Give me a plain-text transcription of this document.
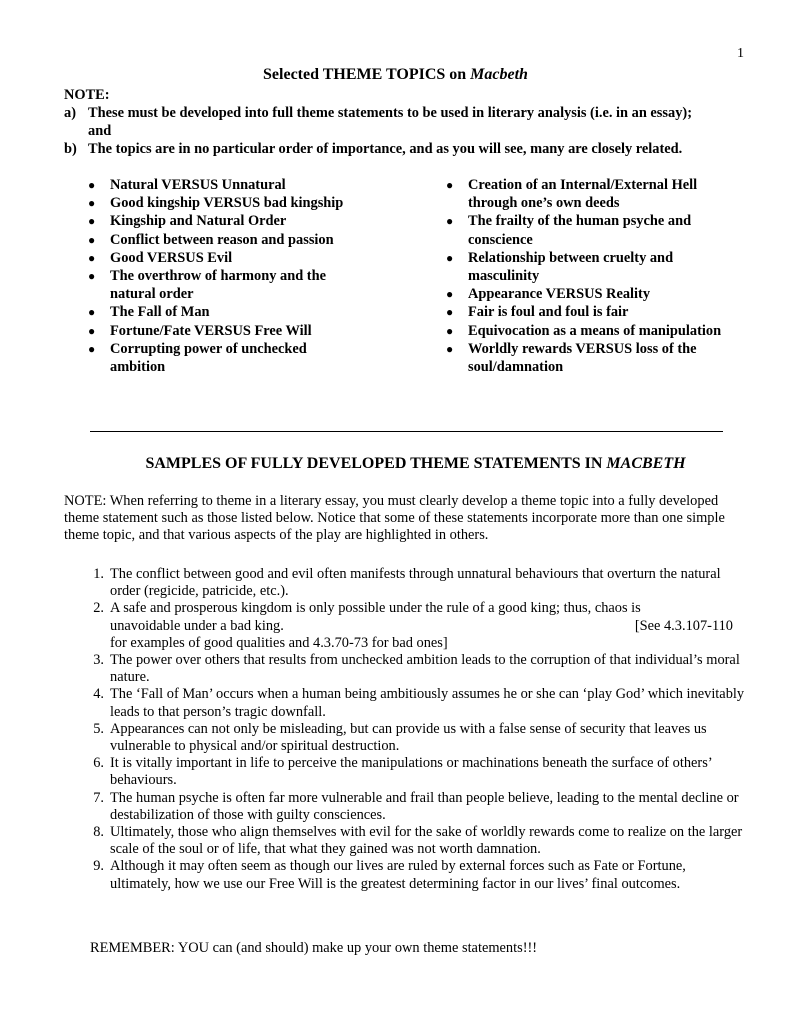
1
Selected THEME TOPICS on Macbeth
NOTE:
a) These must be developed into full theme statements to be used in literary analysis (i.e. in an essay);
and
b) The topics are in no particular order of importance, and as you will see, many are closely related.
●	Natural VERSUS Unnatural
●	Good kingship VERSUS bad kingship
●	Kingship and Natural Order
●	Conflict between reason and passion
●	Good VERSUS Evil
●	The overthrow of harmony and the natural order
●	The Fall of Man
●	Fortune/Fate VERSUS Free Will
●	Corrupting power of unchecked ambition
●	Creation of an Internal/External Hell through one’s own deeds
●	The frailty of the human psyche and conscience
●	Relationship between cruelty and masculinity
●	Appearance VERSUS Reality
●	Fair is foul and foul is fair
●	Equivocation as a means of manipulation
●	Worldly rewards VERSUS loss of the soul/damnation
SAMPLES OF FULLY DEVELOPED THEME STATEMENTS IN MACBETH
NOTE: When referring to theme in a literary essay, you must clearly develop a theme topic into a fully developed theme statement such as those listed below. Notice that some of these statements incorporate more than one simple theme topic, and that various aspects of the play are highlighted in others.
1. The conflict between good and evil often manifests through unnatural behaviours that overturn the natural order (regicide, patricide, etc.).
2. A safe and prosperous kingdom is only possible under the rule of a good king; thus, chaos is
unavoidable under a bad king.	[See 4.3.107-110
for examples of good qualities and 4.3.70-73 for bad ones]
3. The power over others that results from unchecked ambition leads to the corruption of that individual’s moral nature.
4. The ‘Fall of Man’ occurs when a human being ambitiously assumes he or she can ‘play God’ which inevitably leads to that person’s tragic downfall.
5. Appearances can not only be misleading, but can provide us with a false sense of security that leaves us vulnerable to physical and/or spiritual destruction.
6. It is vitally important in life to perceive the manipulations or machinations beneath the surface of others’ behaviours.
7. The human psyche is often far more vulnerable and frail than people believe, leading to the mental decline or destabilization of those with guilty consciences.
8. Ultimately, those who align themselves with evil for the sake of worldly rewards come to realize on the larger scale of the soul or of life, that what they gained was not worth damnation.
9. Although it may often seem as though our lives are ruled by external forces such as Fate or Fortune, ultimately, how we use our Free Will is the greatest determining factor in our lives’ final outcomes.
REMEMBER: YOU can (and should) make up your own theme statements!!!
